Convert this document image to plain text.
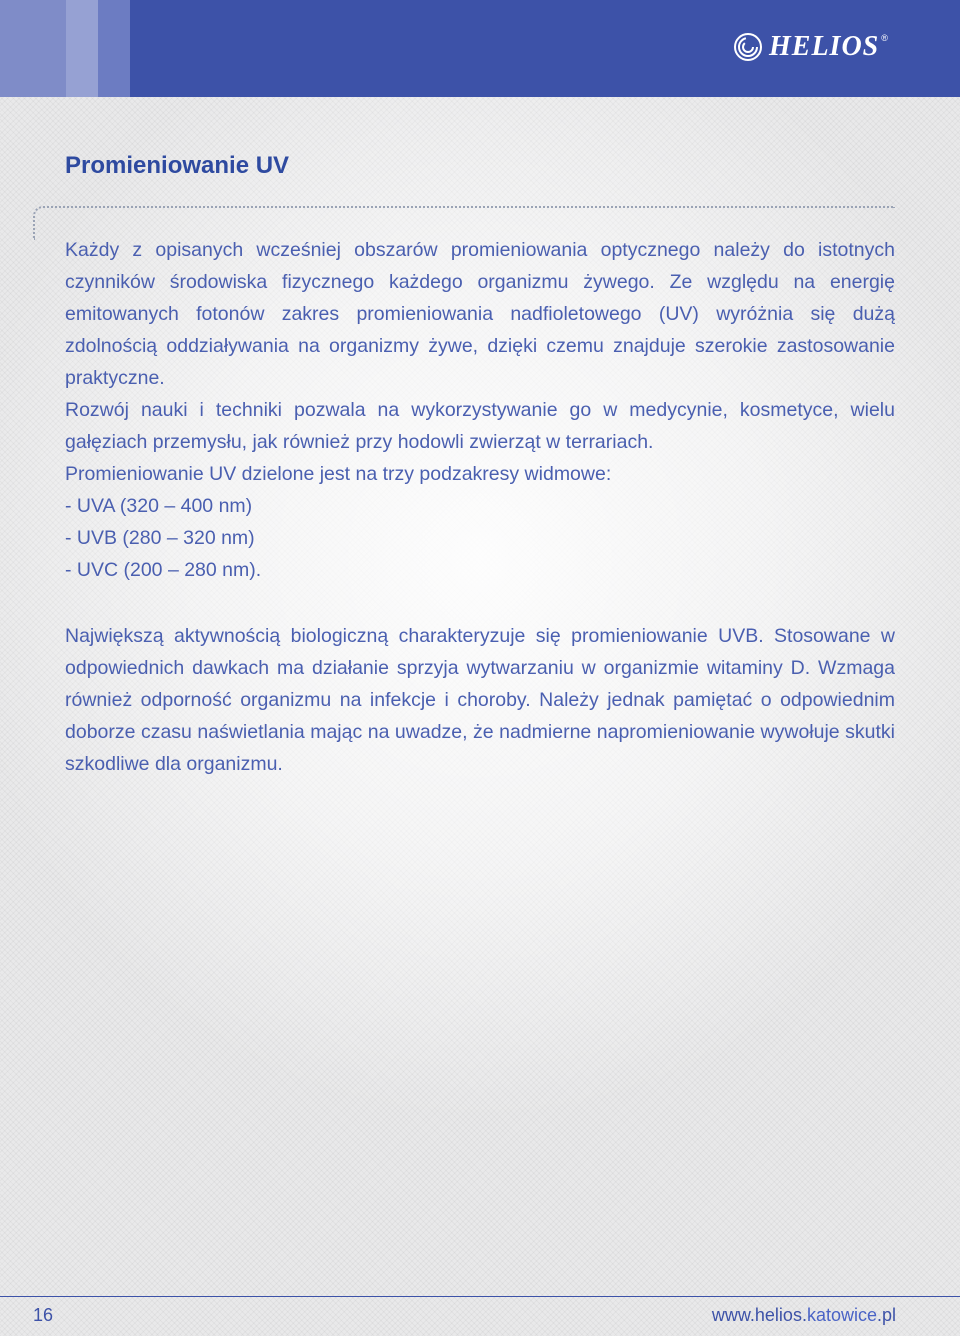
HELIOS ®
Promieniowanie UV

Każdy z opisanych wcześniej obszarów promieniowania optycznego należy do istotnych czynników środowiska fizycznego każdego organizmu żywego. Ze względu na energię emitowanych fotonów zakres promieniowania nadfioletowego (UV) wyróżnia się dużą zdolnością oddziaływania na organizmy żywe, dzięki czemu znajduje szerokie zastosowanie praktyczne.

Rozwój nauki i techniki pozwala na wykorzystywanie go w medycynie, kosmetyce, wielu gałęziach przemysłu, jak również przy hodowli zwierząt w terrariach.

Promieniowanie UV dzielone jest na trzy podzakresy widmowe:

- UVA (320 – 400 nm)

- UVB (280 – 320 nm)

- UVC (200 – 280 nm).

Największą aktywnością biologiczną charakteryzuje się promieniowanie UVB. Stosowane w odpowiednich dawkach ma działanie sprzyja wytwarzaniu w organizmie witaminy D. Wzmaga również odporność organizmu na infekcje i choroby. Należy jednak pamiętać o odpowiednim doborze czasu naświetlania mając na uwadze, że nadmierne napromieniowanie wywołuje skutki szkodliwe dla organizmu.

16	www.helios.katowice.pl
